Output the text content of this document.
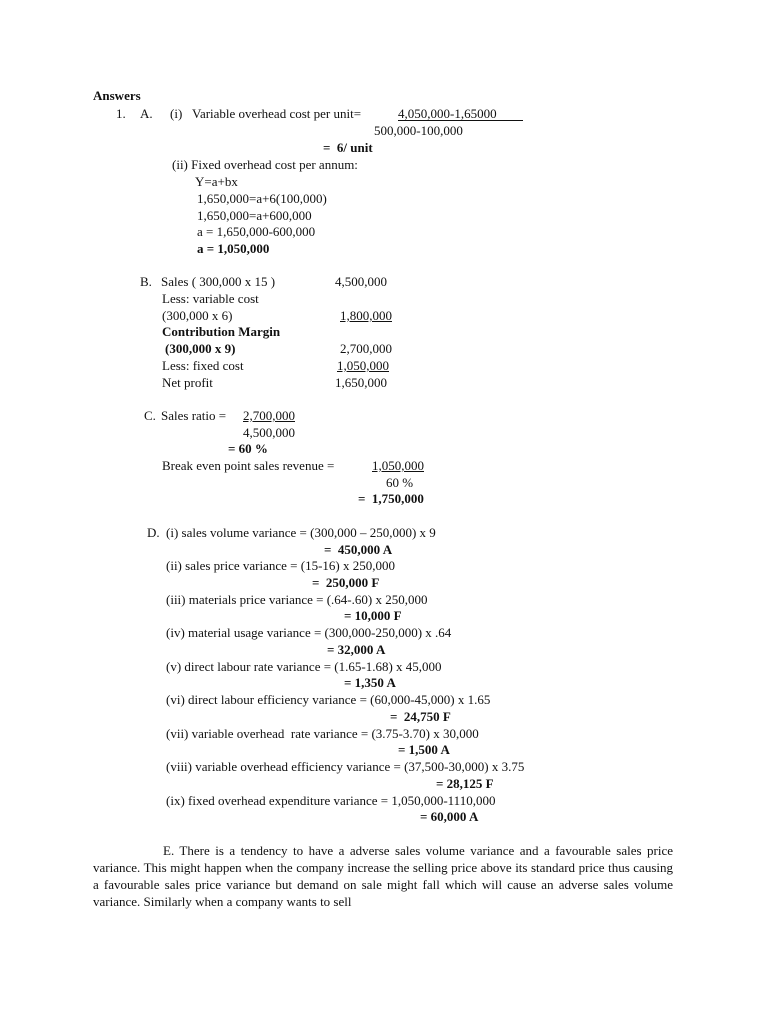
Answers
1. A. (i) Variable overhead cost per unit=	4,050,000-1,65000
500,000-100,000
=  6/ unit
(ii) Fixed overhead cost per annum:
Y=a+bx
1,650,000=a+6(100,000)
1,650,000=a+600,000
a = 1,650,000-600,000
a = 1,050,000
B. Sales ( 300,000 x 15 )	4,500,000
Less: variable cost
(300,000 x 6)	1,800,000
Contribution Margin
(300,000 x 9)	2,700,000
Less: fixed cost	1,050,000
Net profit	1,650,000
C. Sales ratio = 2,700,000
4,500,000
= 60 %
Break even point sales revenue =	1,050,000
60 %
=  1,750,000
D. (i) sales volume variance = (300,000 – 250,000) x 9
=  450,000 A
(ii) sales price variance = (15-16) x 250,000
=  250,000 F
(iii) materials price variance = (.64-.60) x 250,000
= 10,000 F
(iv) material usage variance = (300,000-250,000) x .64
= 32,000 A
(v) direct labour rate variance = (1.65-1.68) x 45,000
= 1,350 A
(vi) direct labour efficiency variance = (60,000-45,000) x 1.65
=  24,750 F
(vii) variable overhead  rate variance = (3.75-3.70) x 30,000
= 1,500 A
(viii) variable overhead efficiency variance = (37,500-30,000) x 3.75
= 28,125 F
(ix) fixed overhead expenditure variance = 1,050,000-1110,000
= 60,000 A
E. There is a tendency to have a adverse sales volume variance and a favourable sales price variance. This might happen when the company increase the selling price above its standard price thus causing a favourable sales price variance but demand on sale might fall which will cause an adverse sales volume variance. Similarly when a company wants to sell
